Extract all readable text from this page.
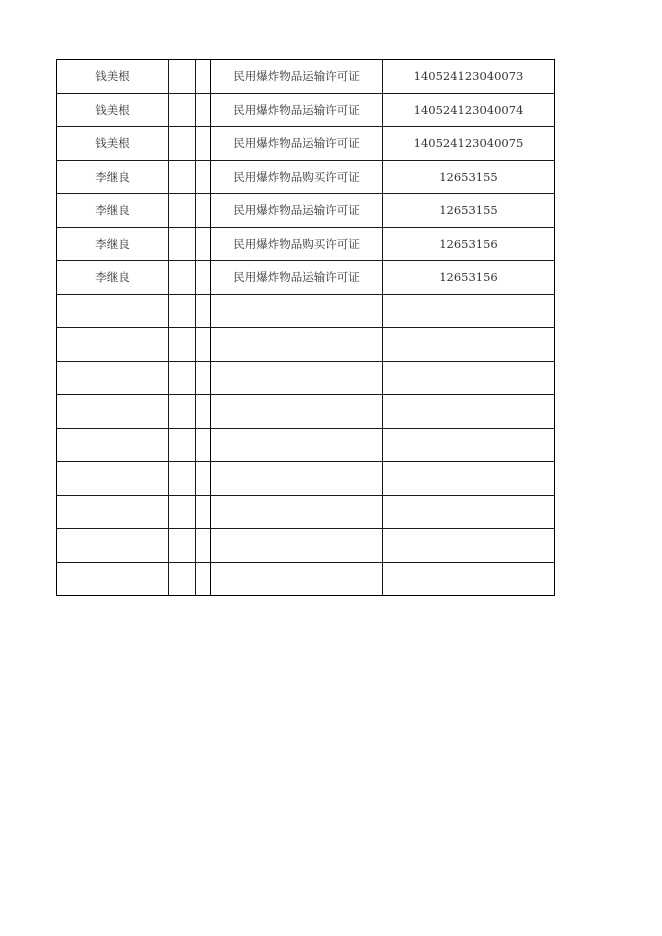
钱美根			民用爆炸物品运输许可证	140524123040073
钱美根			民用爆炸物品运输许可证	140524123040074
钱美根			民用爆炸物品运输许可证	140524123040075
李继良			民用爆炸物品购买许可证	12653155
李继良			民用爆炸物品运输许可证	12653155
李继良			民用爆炸物品购买许可证	12653156
李继良			民用爆炸物品运输许可证	12653156
